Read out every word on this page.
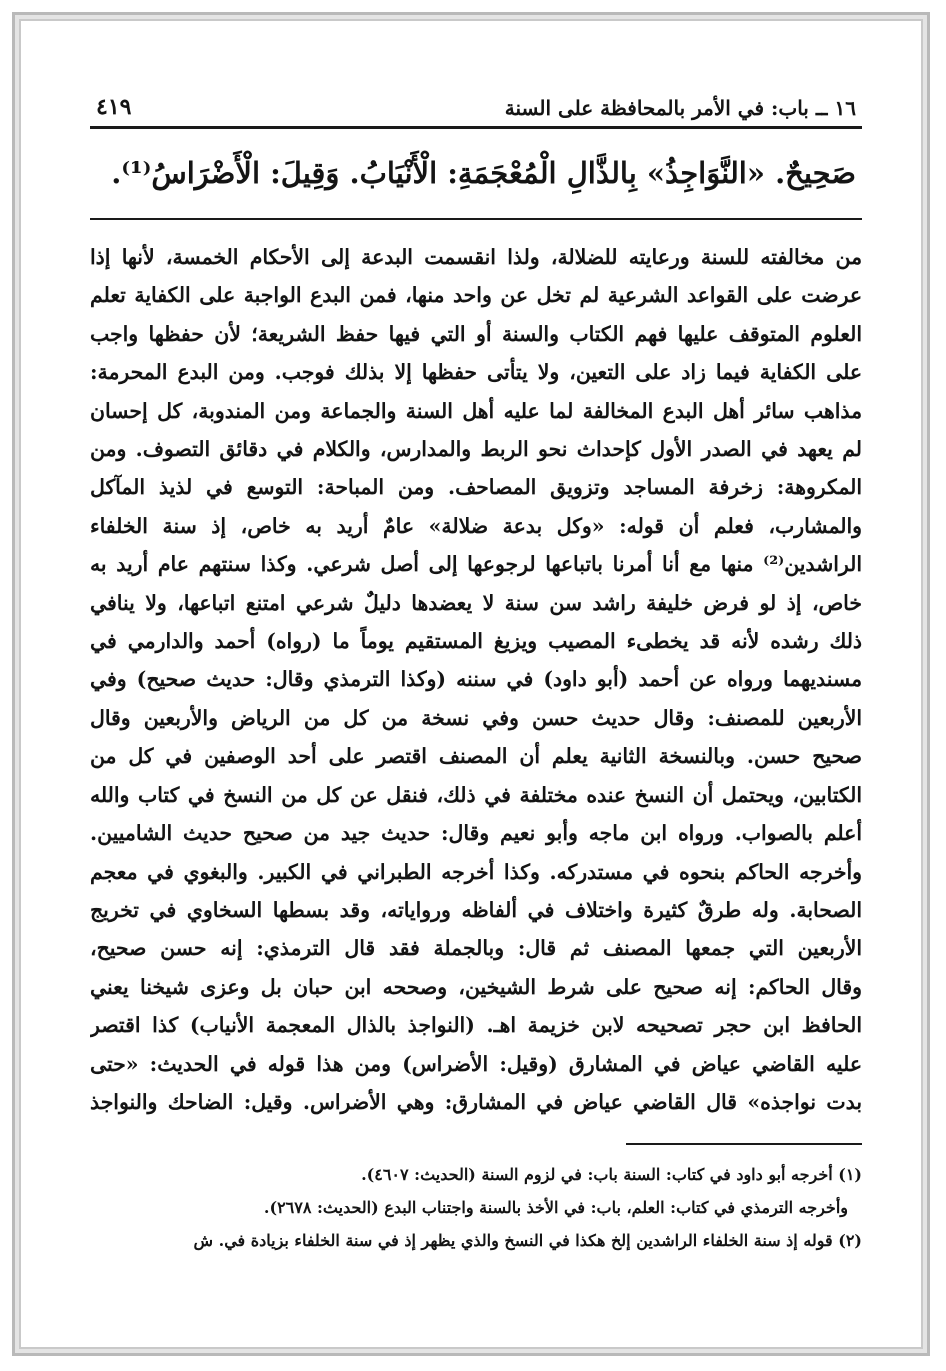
١٦ ــ باب: في الأمر بالمحافظة على السنة
٤١٩
صَحِيحٌ. «النَّوَاجِذُ» بِالذَّالِ الْمُعْجَمَةِ: الْأَنْيَابُ. وَقِيلَ: الْأَضْرَاسُ⁽¹⁾.
من مخالفته للسنة ورعايته للضلالة، ولذا انقسمت البدعة إلى الأحكام الخمسة، لأنها إذا
عرضت على القواعد الشرعية لم تخل عن واحد منها، فمن البدع الواجبة على الكفاية تعلم
العلوم المتوقف عليها فهم الكتاب والسنة أو التي فيها حفظ الشريعة؛ لأن حفظها واجب
على الكفاية فيما زاد على التعين، ولا يتأتى حفظها إلا بذلك فوجب. ومن البدع المحرمة:
مذاهب سائر أهل البدع المخالفة لما عليه أهل السنة والجماعة ومن المندوبة، كل إحسان
لم يعهد في الصدر الأول كإحداث نحو الربط والمدارس، والكلام في دقائق التصوف. ومن
المكروهة: زخرفة المساجد وتزويق المصاحف. ومن المباحة: التوسع في لذيذ المآكل
والمشارب، فعلم أن قوله: «وكل بدعة ضلالة» عامٌ أريد به خاص، إذ سنة الخلفاء
الراشدين⁽²⁾ منها مع أنا أمرنا باتباعها لرجوعها إلى أصل شرعي. وكذا سنتهم عام أريد به
خاص، إذ لو فرض خليفة راشد سن سنة لا يعضدها دليلٌ شرعي امتنع اتباعها، ولا ينافي
ذلك رشده لأنه قد يخطىء المصيب ويزيغ المستقيم يوماً ما (رواه) أحمد والدارمي في
مسنديهما ورواه عن أحمد (أبو داود) في سننه (وكذا الترمذي وقال: حديث صحيح) وفي
الأربعين للمصنف: وقال حديث حسن وفي نسخة من كل من الرياض والأربعين وقال
صحيح حسن. وبالنسخة الثانية يعلم أن المصنف اقتصر على أحد الوصفين في كل من
الكتابين، ويحتمل أن النسخ عنده مختلفة في ذلك، فنقل عن كل من النسخ في كتاب والله
أعلم بالصواب. ورواه ابن ماجه وأبو نعيم وقال: حديث جيد من صحيح حديث الشاميين.
وأخرجه الحاكم بنحوه في مستدركه. وكذا أخرجه الطبراني في الكبير. والبغوي في معجم
الصحابة. وله طرقٌ كثيرة واختلاف في ألفاظه ورواياته، وقد بسطها السخاوي في تخريج
الأربعين التي جمعها المصنف ثم قال: وبالجملة فقد قال الترمذي: إنه حسن صحيح،
وقال الحاكم: إنه صحيح على شرط الشيخين، وصححه ابن حبان بل وعزى شيخنا يعني
الحافظ ابن حجر تصحيحه لابن خزيمة اهـ. (النواجذ بالذال المعجمة الأنياب) كذا اقتصر
عليه القاضي عياض في المشارق (وقيل: الأضراس) ومن هذا قوله في الحديث: «حتى
بدت نواجذه» قال القاضي عياض في المشارق: وهي الأضراس. وقيل: الضاحك والنواجذ
(١) أخرجه أبو داود في كتاب: السنة باب: في لزوم السنة (الحديث: ٤٦٠٧).
وأخرجه الترمذي في كتاب: العلم، باب: في الأخذ بالسنة واجتناب البدع (الحديث: ٢٦٧٨).
(٢) قوله إذ سنة الخلفاء الراشدين إلخ هكذا في النسخ والذي يظهر إذ في سنة الخلفاء بزيادة في. ش
